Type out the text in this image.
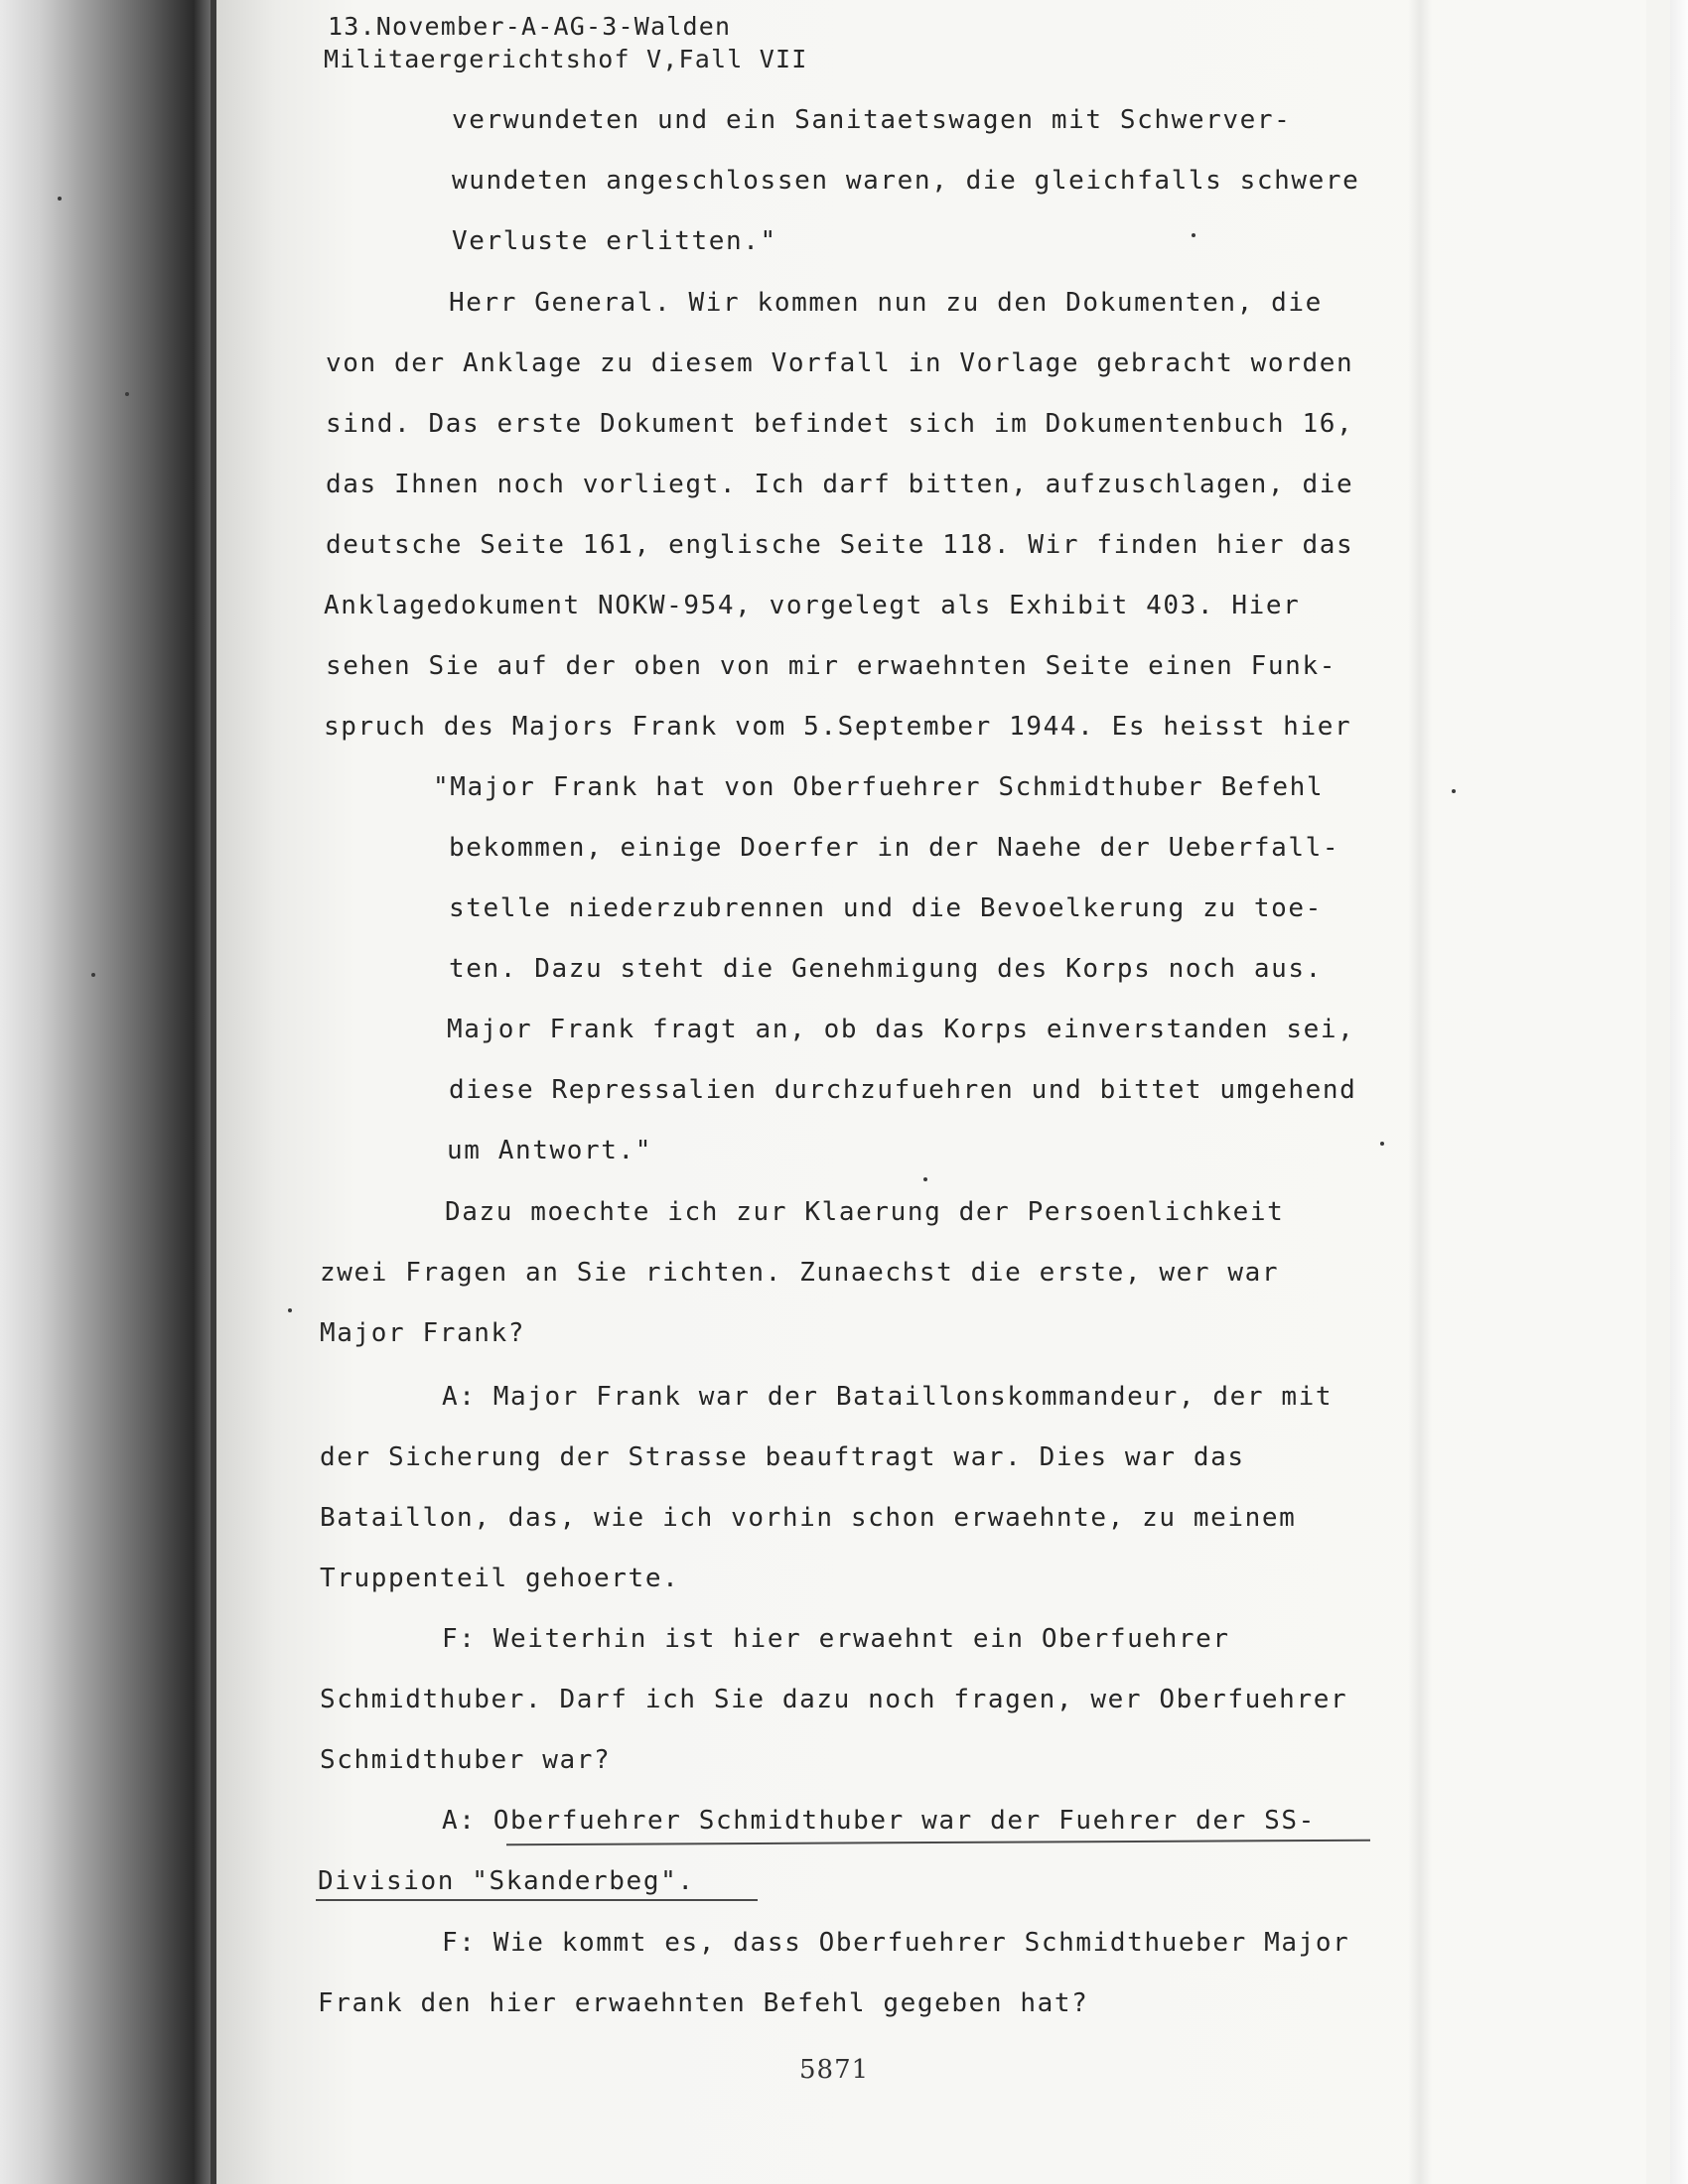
13.November-A-AG-3-Walden

Militaergerichtshof V,Fall VII

verwundeten und ein Sanitaetswagen mit Schwerver-

wundeten angeschlossen waren, die gleichfalls schwere

Verluste erlitten."

Herr General. Wir kommen nun zu den Dokumenten, die

von der Anklage zu diesem Vorfall in Vorlage gebracht worden

sind. Das erste Dokument befindet sich im Dokumentenbuch 16,

das Ihnen noch vorliegt. Ich darf bitten, aufzuschlagen, die

deutsche Seite 161, englische Seite 118. Wir finden hier das

Anklagedokument NOKW-954, vorgelegt als Exhibit 403. Hier

sehen Sie auf der oben von mir erwaehnten Seite einen Funk-

spruch des Majors Frank vom 5.September 1944. Es heisst hier

"Major Frank hat von Oberfuehrer Schmidthuber Befehl

bekommen, einige Doerfer in der Naehe der Ueberfall-

stelle niederzubrennen und die Bevoelkerung zu toe-

ten. Dazu steht die Genehmigung des Korps noch aus.

Major Frank fragt an, ob das Korps einverstanden sei,

diese Repressalien durchzufuehren und bittet umgehend

um Antwort."

Dazu moechte ich zur Klaerung der Persoenlichkeit

zwei Fragen an Sie richten. Zunaechst die erste, wer war

Major Frank?

A: Major Frank war der Bataillonskommandeur, der mit

der Sicherung der Strasse beauftragt war. Dies war das

Bataillon, das, wie ich vorhin schon erwaehnte, zu meinem

Truppenteil gehoerte.

F: Weiterhin ist hier erwaehnt ein Oberfuehrer

Schmidthuber. Darf ich Sie dazu noch fragen, wer Oberfuehrer

Schmidthuber war?

A: Oberfuehrer Schmidthuber war der Fuehrer der SS-

Division "Skanderbeg".

F: Wie kommt es, dass Oberfuehrer Schmidthueber Major

Frank den hier erwaehnten Befehl gegeben hat?

5871
